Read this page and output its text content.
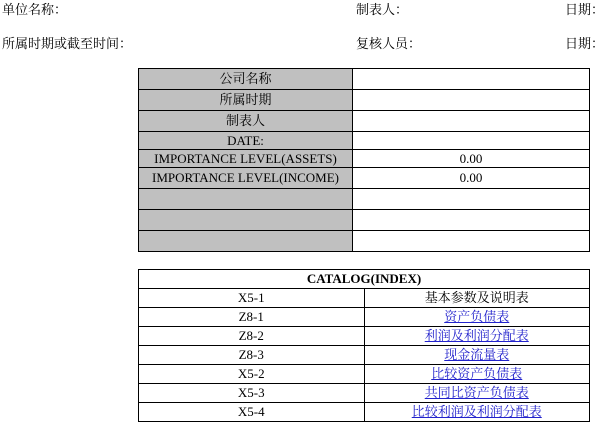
单位名称：	制表人：	日期：
所属时期或截至时间：	复核人员：	日期：
公司名称	
所属时期	
制表人	
DATE:	
IMPORTANCE LEVEL(ASSETS)	0.00
IMPORTANCE LEVEL(INCOME)	0.00

CATALOG(INDEX)	
X5-1	基本参数及说明表
Z8-1	资产负债表
Z8-2	利润及利润分配表
Z8-3	现金流量表
X5-2	比较资产负债表
X5-3	共同比资产负债表
X5-4	比较利润及利润分配表
